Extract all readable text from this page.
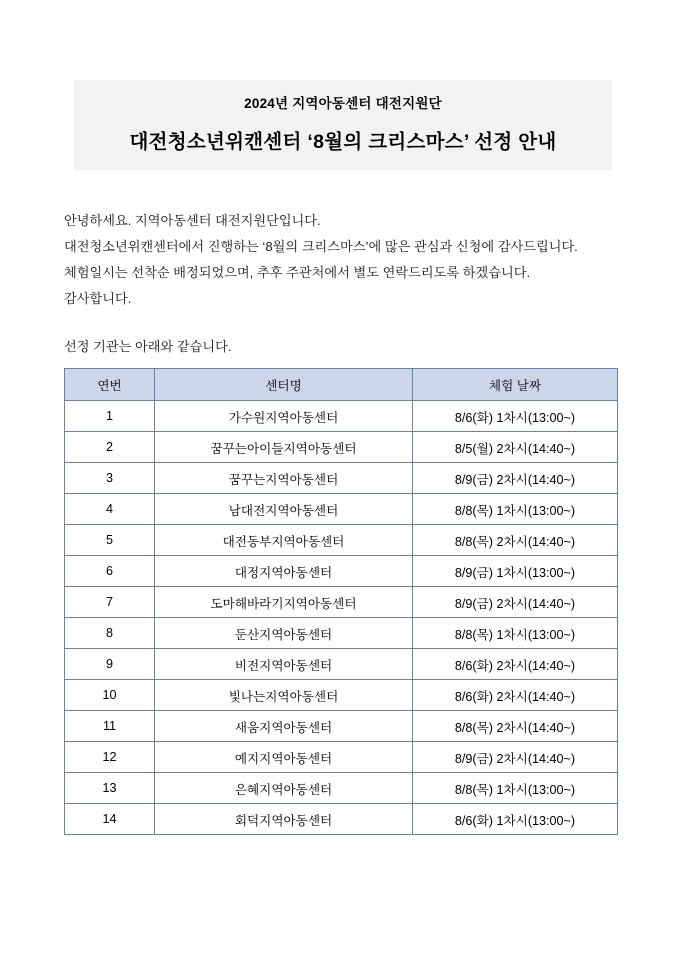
2024년 지역아동센터 대전지원단
대전청소년위캔센터 ‘8월의 크리스마스’ 선정 안내

안녕하세요. 지역아동센터 대전지원단입니다.

대전청소년위캔센터에서 진행하는 ‘8월의 크리스마스’에 많은 관심과 신청에 감사드립니다.

체험일시는 선착순 배정되었으며, 추후 주관처에서 별도 연락드리도록 하겠습니다.

감사합니다.

선정 기관는 아래와 같습니다.
연번	센터명	체험 날짜
1	가수원지역아동센터	8/6(화) 1차시(13:00~)
2	꿈꾸는아이들지역아동센터	8/5(월) 2차시(14:40~)
3	꿈꾸는지역아동센터	8/9(금) 2차시(14:40~)
4	남대전지역아동센터	8/8(목) 1차시(13:00~)
5	대전동부지역아동센터	8/8(목) 2차시(14:40~)
6	대정지역아동센터	8/9(금) 1차시(13:00~)
7	도마해바라기지역아동센터	8/9(금) 2차시(14:40~)
8	둔산지역아동센터	8/8(목) 1차시(13:00~)
9	비전지역아동센터	8/6(화) 2차시(14:40~)
10	빛나는지역아동센터	8/6(화) 2차시(14:40~)
11	새움지역아동센터	8/8(목) 2차시(14:40~)
12	예지지역아동센터	8/9(금) 2차시(14:40~)
13	은혜지역아동센터	8/8(목) 1차시(13:00~)
14	회덕지역아동센터	8/6(화) 1차시(13:00~)
